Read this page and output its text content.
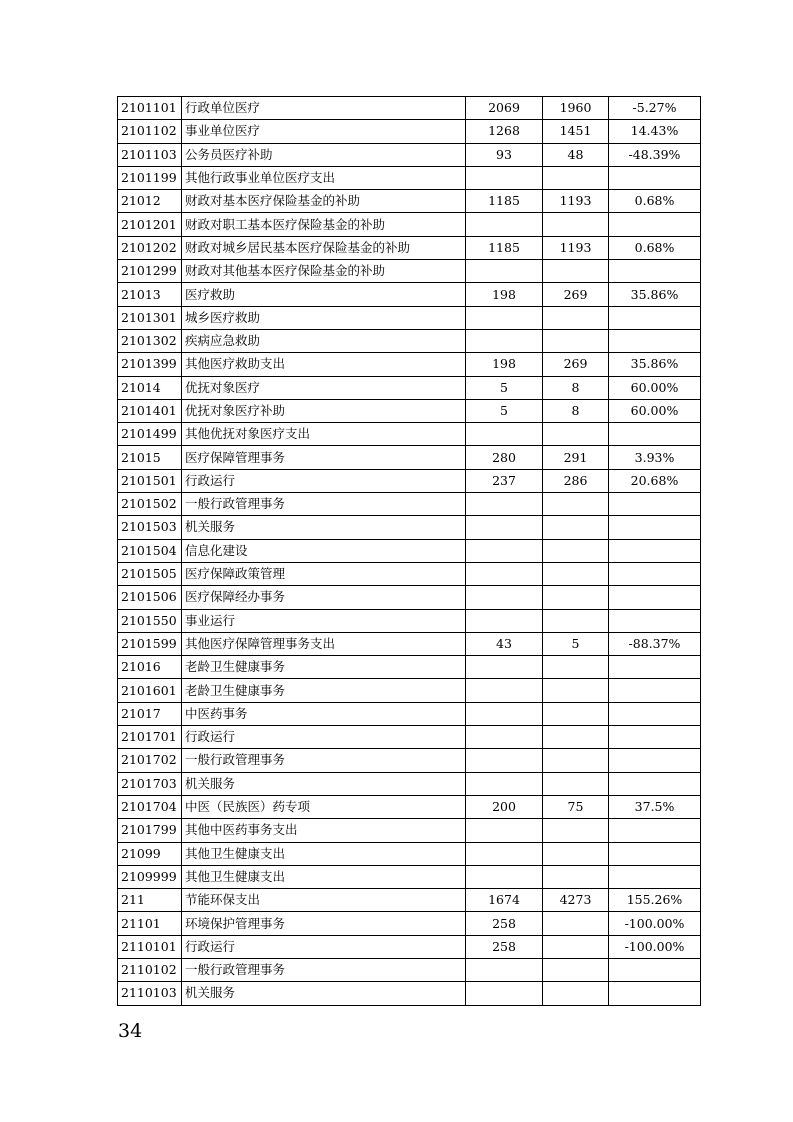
2101101	行政单位医疗	2069	1960	-5.27%
2101102	事业单位医疗	1268	1451	14.43%
2101103	公务员医疗补助	93	48	-48.39%
2101199	其他行政事业单位医疗支出			
21012	财政对基本医疗保险基金的补助	1185	1193	0.68%
2101201	财政对职工基本医疗保险基金的补助			
2101202	财政对城乡居民基本医疗保险基金的补助	1185	1193	0.68%
2101299	财政对其他基本医疗保险基金的补助			
21013	医疗救助	198	269	35.86%
2101301	城乡医疗救助			
2101302	疾病应急救助			
2101399	其他医疗救助支出	198	269	35.86%
21014	优抚对象医疗	5	8	60.00%
2101401	优抚对象医疗补助	5	8	60.00%
2101499	其他优抚对象医疗支出			
21015	医疗保障管理事务	280	291	3.93%
2101501	行政运行	237	286	20.68%
2101502	一般行政管理事务			
2101503	机关服务			
2101504	信息化建设			
2101505	医疗保障政策管理			
2101506	医疗保障经办事务			
2101550	事业运行			
2101599	其他医疗保障管理事务支出	43	5	-88.37%
21016	老龄卫生健康事务			
2101601	老龄卫生健康事务			
21017	中医药事务			
2101701	行政运行			
2101702	一般行政管理事务			
2101703	机关服务			
2101704	中医（民族医）药专项	200	75	37.5%
2101799	其他中医药事务支出			
21099	其他卫生健康支出			
2109999	其他卫生健康支出			
211	节能环保支出	1674	4273	155.26%
21101	环境保护管理事务	258		-100.00%
2110101	行政运行	258		-100.00%
2110102	一般行政管理事务			
2110103	机关服务			
34
